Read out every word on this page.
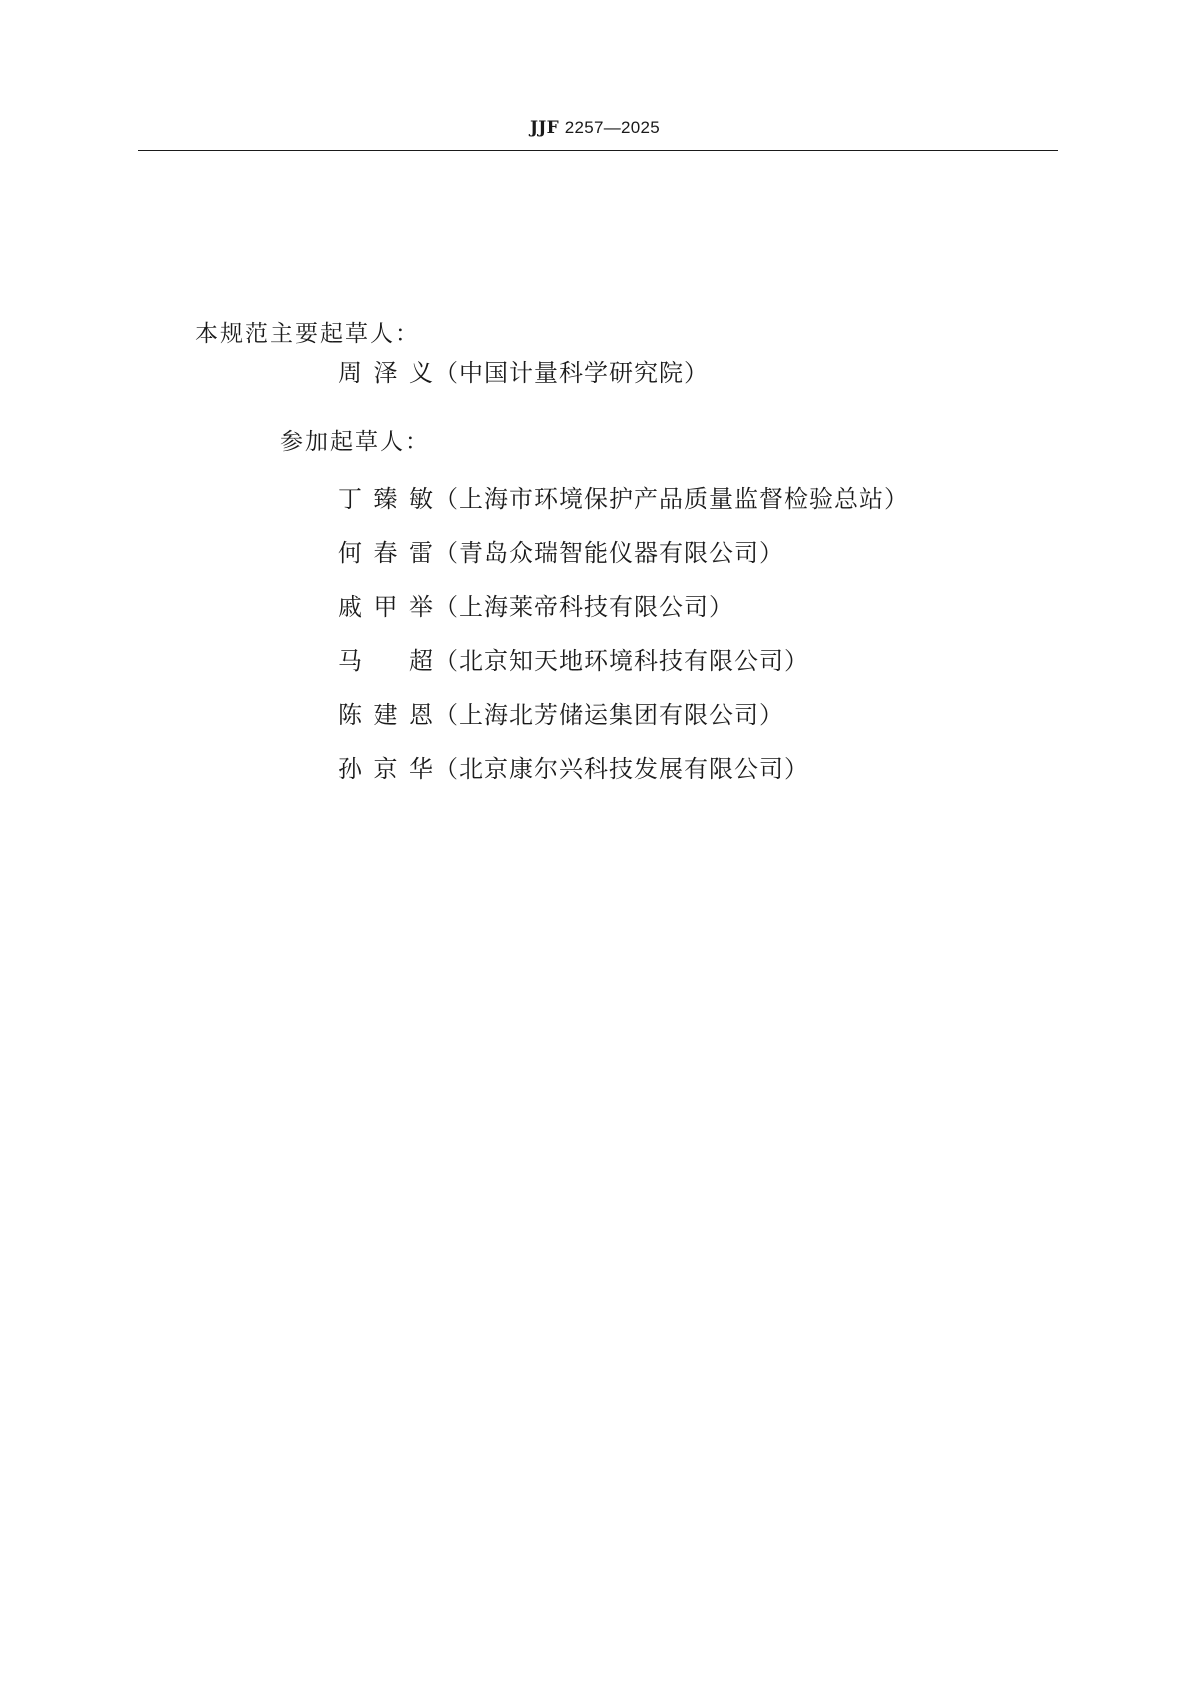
JJF 2257—2025
本规范主要起草人：
周泽义（中国计量科学研究院）
参加起草人：
丁臻敏（上海市环境保护产品质量监督检验总站）
何春雷（青岛众瑞智能仪器有限公司）
戚甲举（上海莱帝科技有限公司）
马超（北京知天地环境科技有限公司）
陈建恩（上海北芳储运集团有限公司）
孙京华（北京康尔兴科技发展有限公司）
